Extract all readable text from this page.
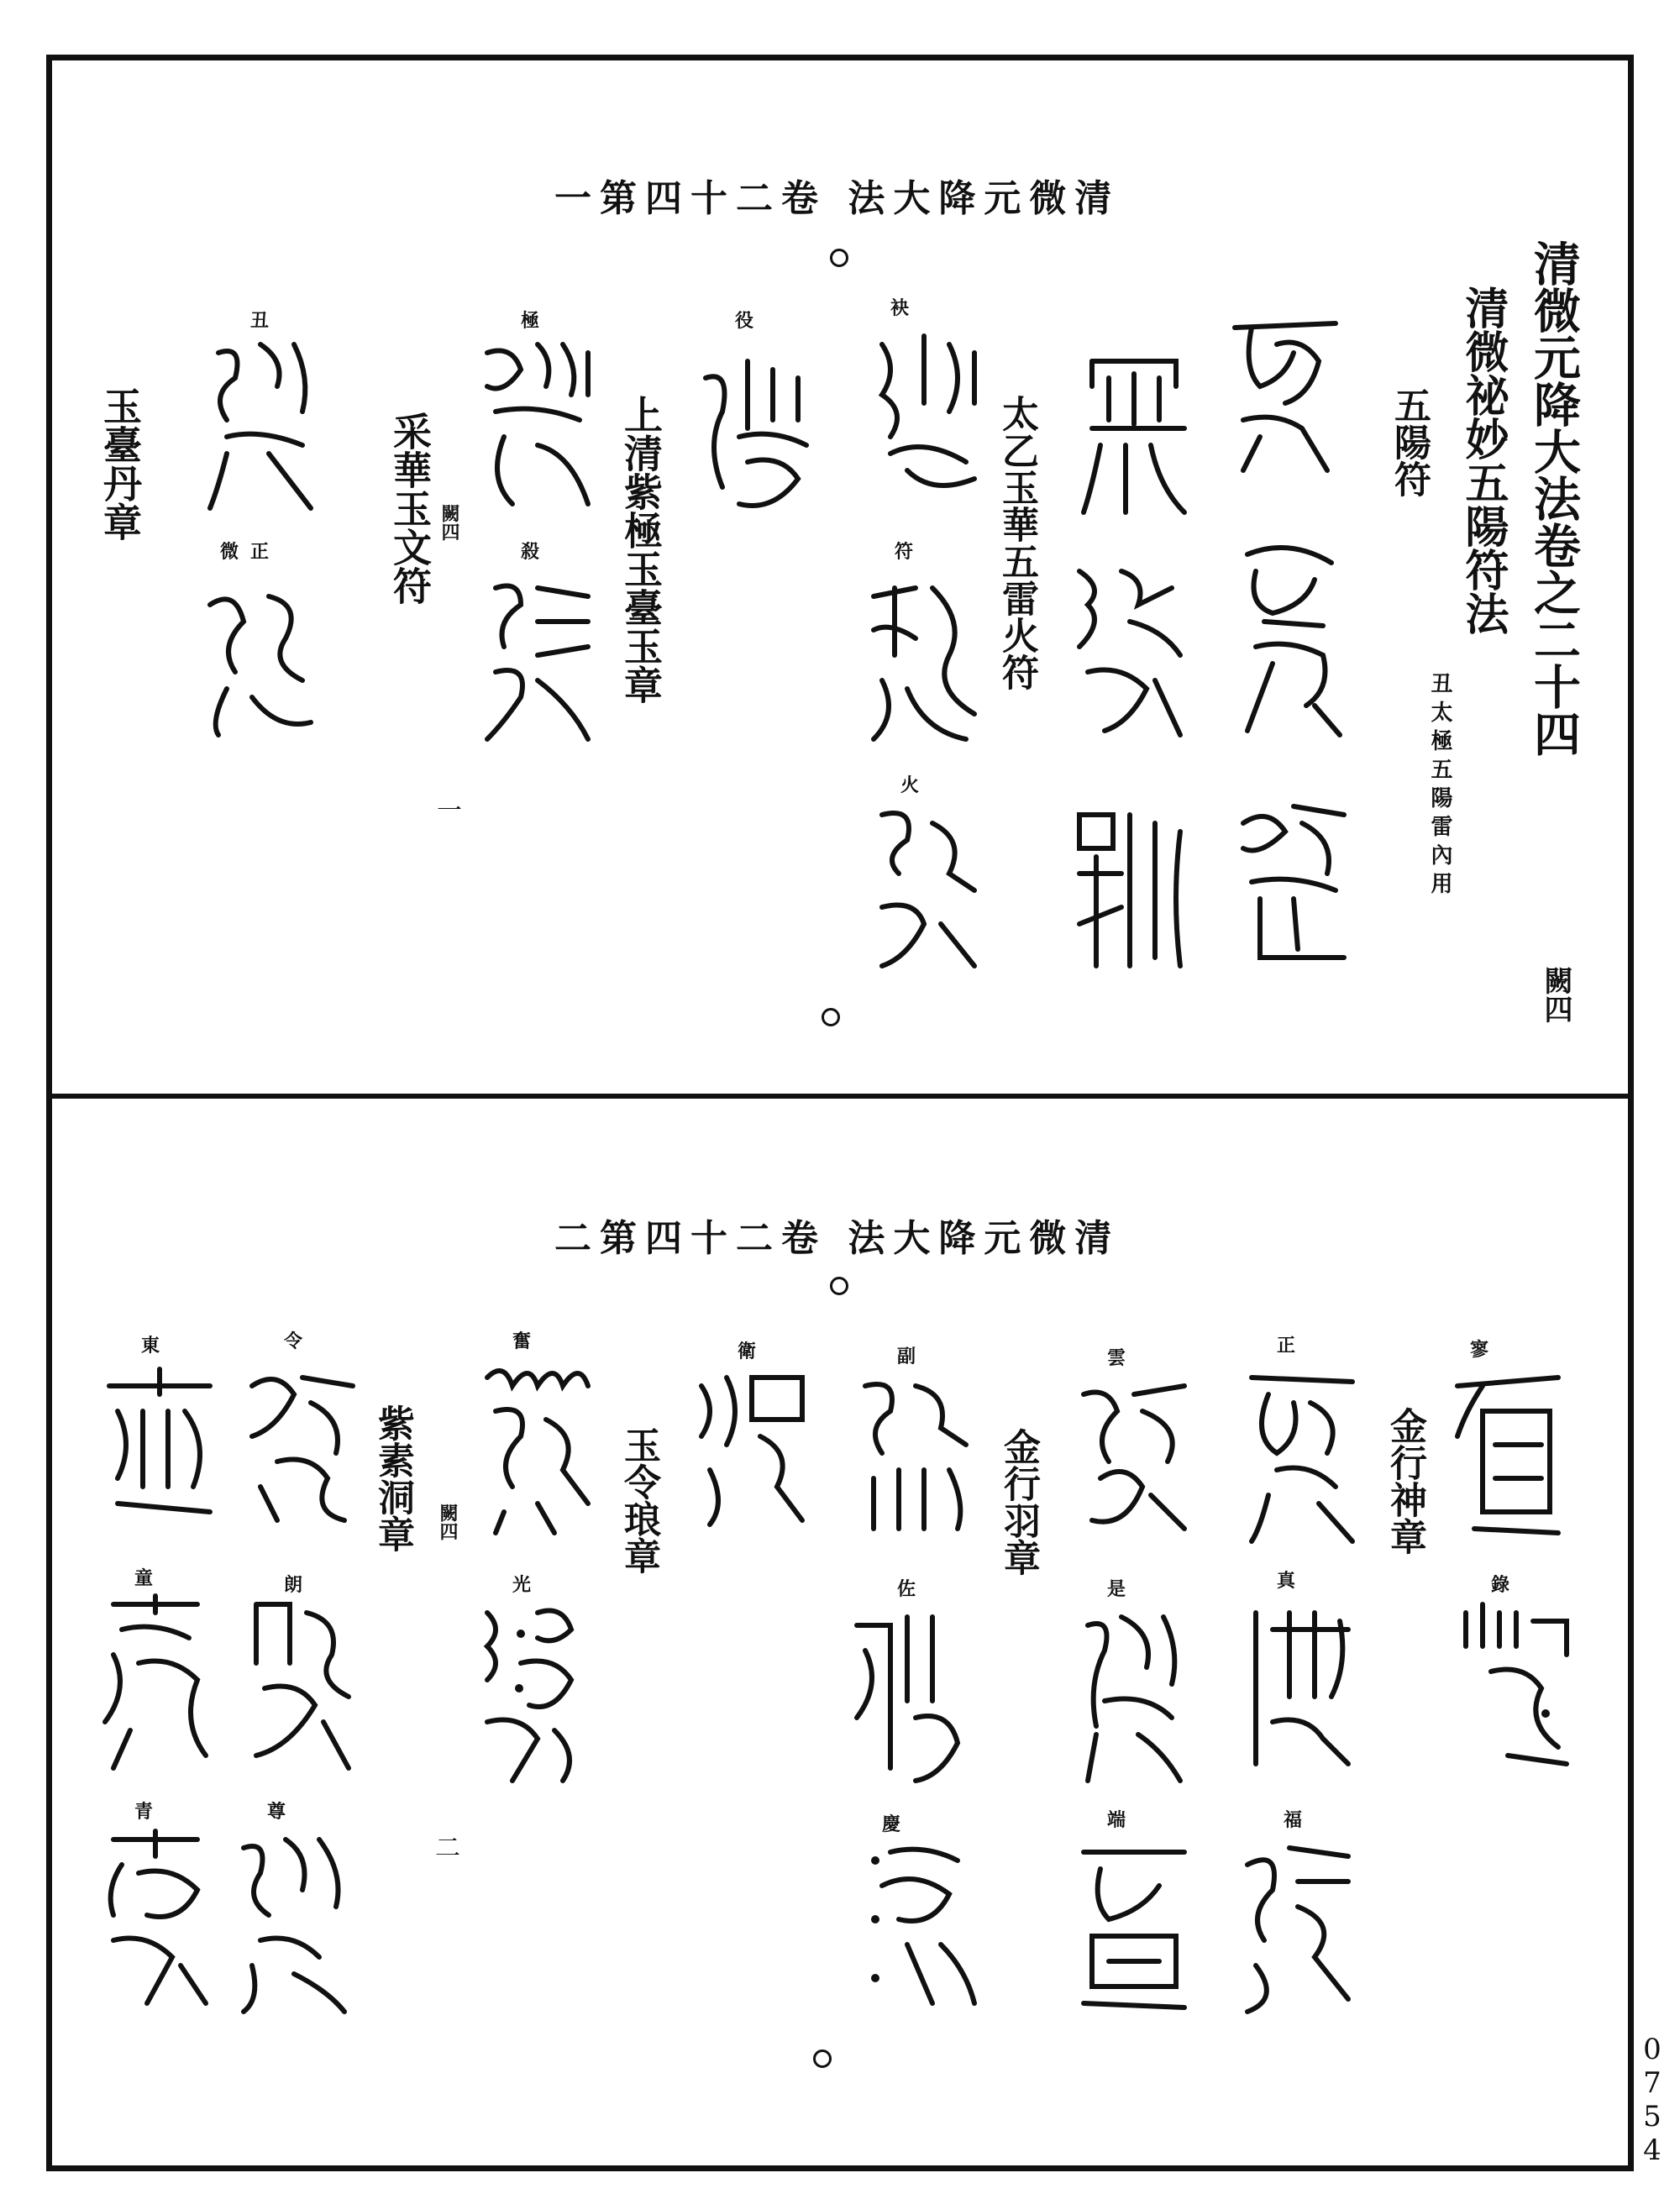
一第四十二卷 法大降元微清
清微元降大法卷之二十四
清微祕妙五陽符法
丑太極五陽雷內用
闕四
五陽符
太乙玉華五雷火符
上清紫極玉臺玉章
采華玉文符 闕四
玉臺丹章
袂
符
火
役
極
殺
丑
正
微
一
二第四十二卷 法大降元微清
金行神章
金行羽章
玉令琅章
紫素洞章 闕四
寥
錄
正
真
福
雲
是
端
副
佐
慶
衛
奮
光
令
朗
尊
東
童
青
二
0
7
5
4
